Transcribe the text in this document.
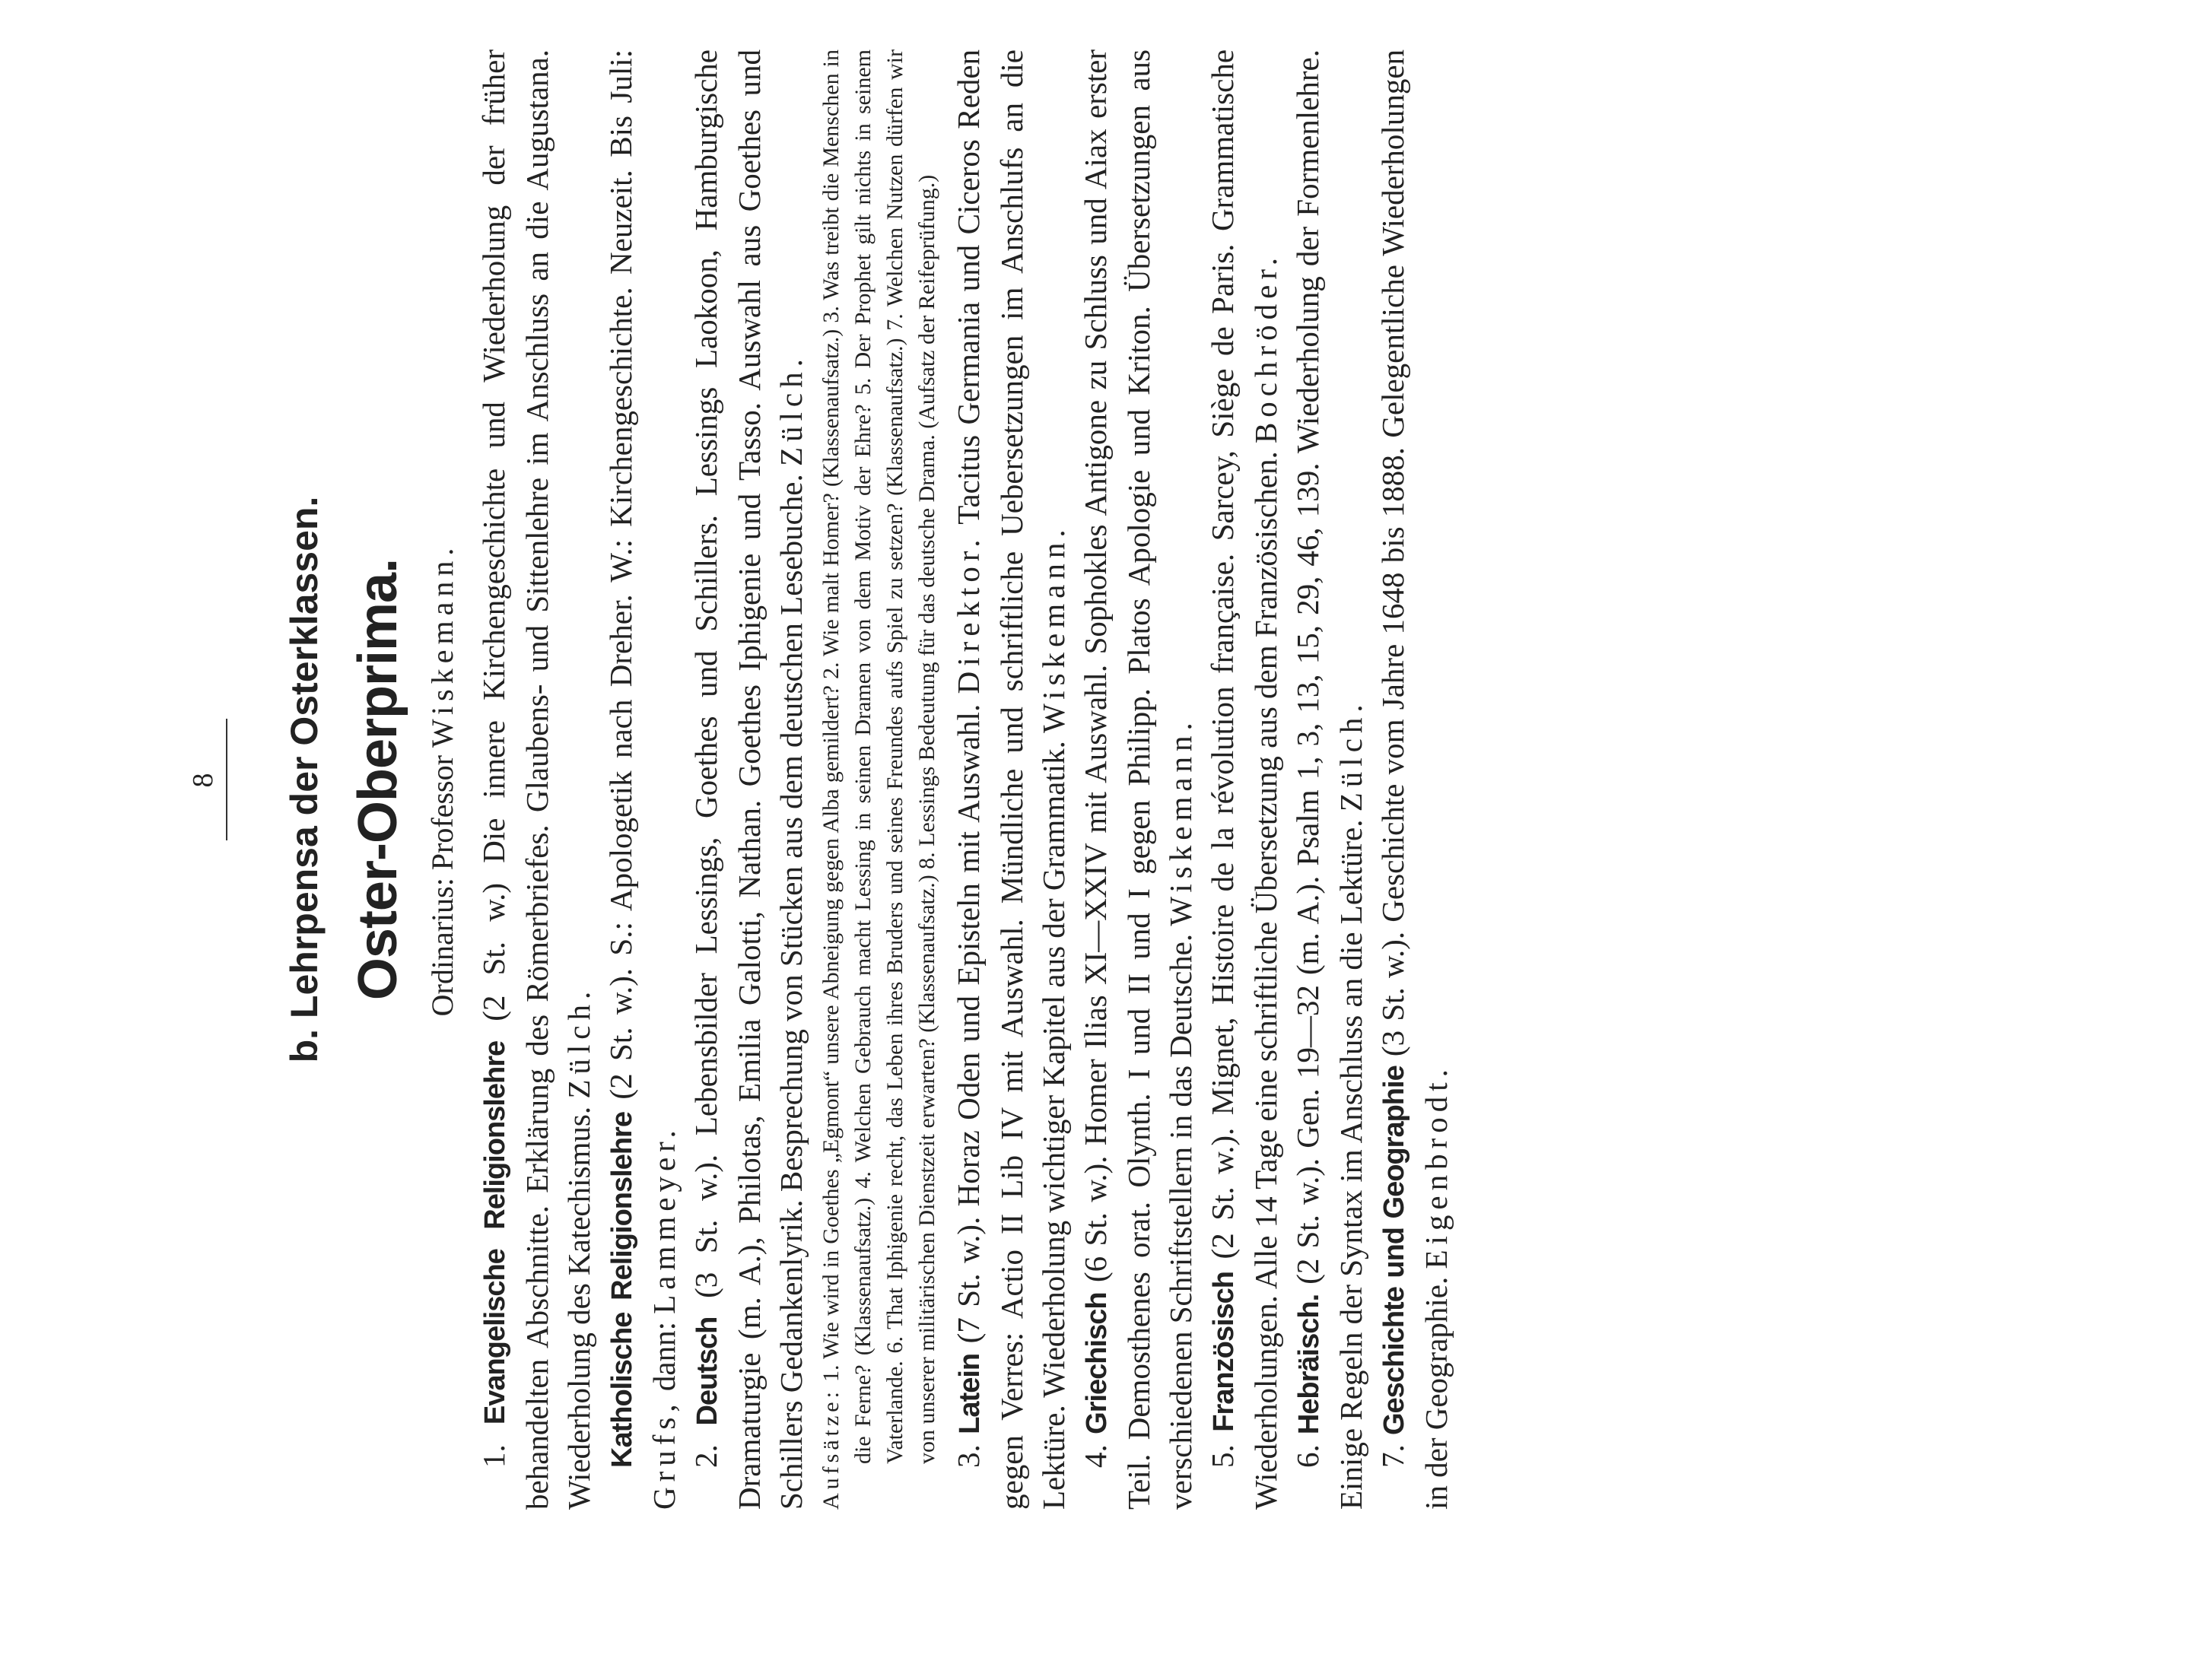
8	b. Lehrpensa der Osterklassen. Oster-Oberprima. Ordinarius: Professor Wiskemann.

1. Evangelische Religionslehre (2 St. w.) Die innere Kirchengeschichte und Wiederholung der früher behandelten Abschnitte. Erklärung des Römerbriefes. Glaubens- und Sittenlehre im Anschluss an die Augustana. Wiederholung des Katechismus. Zülch.

Katholische Religionslehre (2 St. w.). S.: Apologetik nach Dreher. W.: Kirchengeschichte. Neuzeit. Bis Juli: Grufs, dann: Lammeyer.

2. Deutsch (3 St. w.). Lebensbilder Lessings, Goethes und Schillers. Lessings Laokoon, Hamburgische Dramaturgie (m. A.), Philotas, Emilia Galotti, Nathan. Goethes Iphigenie und Tasso. Auswahl aus Goethes und Schillers Gedankenlyrik. Besprechung von Stücken aus dem deutschen Lesebuche. Zülch.

Aufsätze: 1. Wie wird in Goethes „Egmont“ unsere Abneigung gegen Alba gemildert? 2. Wie malt Homer? (Klassenaufsatz.) 3. Was treibt die Menschen in die Ferne? (Klassenaufsatz.) 4. Welchen Gebrauch macht Lessing in seinen Dramen von dem Motiv der Ehre? 5. Der Prophet gilt nichts in seinem Vaterlande. 6. That Iphigenie recht, das Leben ihres Bruders und seines Freundes aufs Spiel zu setzen? (Klassenaufsatz.) 7. Welchen Nutzen dürfen wir von unserer militärischen Dienstzeit erwarten? (Klassenaufsatz.) 8. Lessings Bedeutung für das deutsche Drama. (Aufsatz der Reifeprüfung.) 3. Latein (7 St. w.). Horaz Oden und Episteln mit Auswahl. Direktor. Tacitus Germania und Ciceros Reden gegen Verres: Actio II Lib IV mit Auswahl. Mündliche und schriftliche Uebersetzungen im Anschlufs an die Lektüre. Wiederholung wichtiger Kapitel aus der Grammatik. Wiskemann.

4. Griechisch (6 St. w.). Homer Ilias XI—XXIV mit Auswahl. Sophokles Antigone zu Schluss und Aiax erster Teil. Demosthenes orat. Olynth. I und II und I gegen Philipp. Platos Apologie und Kriton. Übersetzungen aus verschiedenen Schriftstellern in das Deutsche. Wiskemann.

5. Französisch (2 St. w.). Mignet, Histoire de la révolution française. Sarcey, Siège de Paris. Grammatische Wiederholungen. Alle 14 Tage eine schriftliche Übersetzung aus dem Französischen. Bochröder.

6. Hebräisch. (2 St. w.). Gen. 19—32 (m. A.). Psalm 1, 3, 13, 15, 29, 46, 139. Wiederholung der Formenlehre. Einige Regeln der Syntax im Anschluss an die Lektüre. Zülch.

7. Geschichte und Geographie (3 St. w.). Geschichte vom Jahre 1648 bis 1888. Gelegentliche Wiederholungen in der Geographie. Eigenbrodt.
